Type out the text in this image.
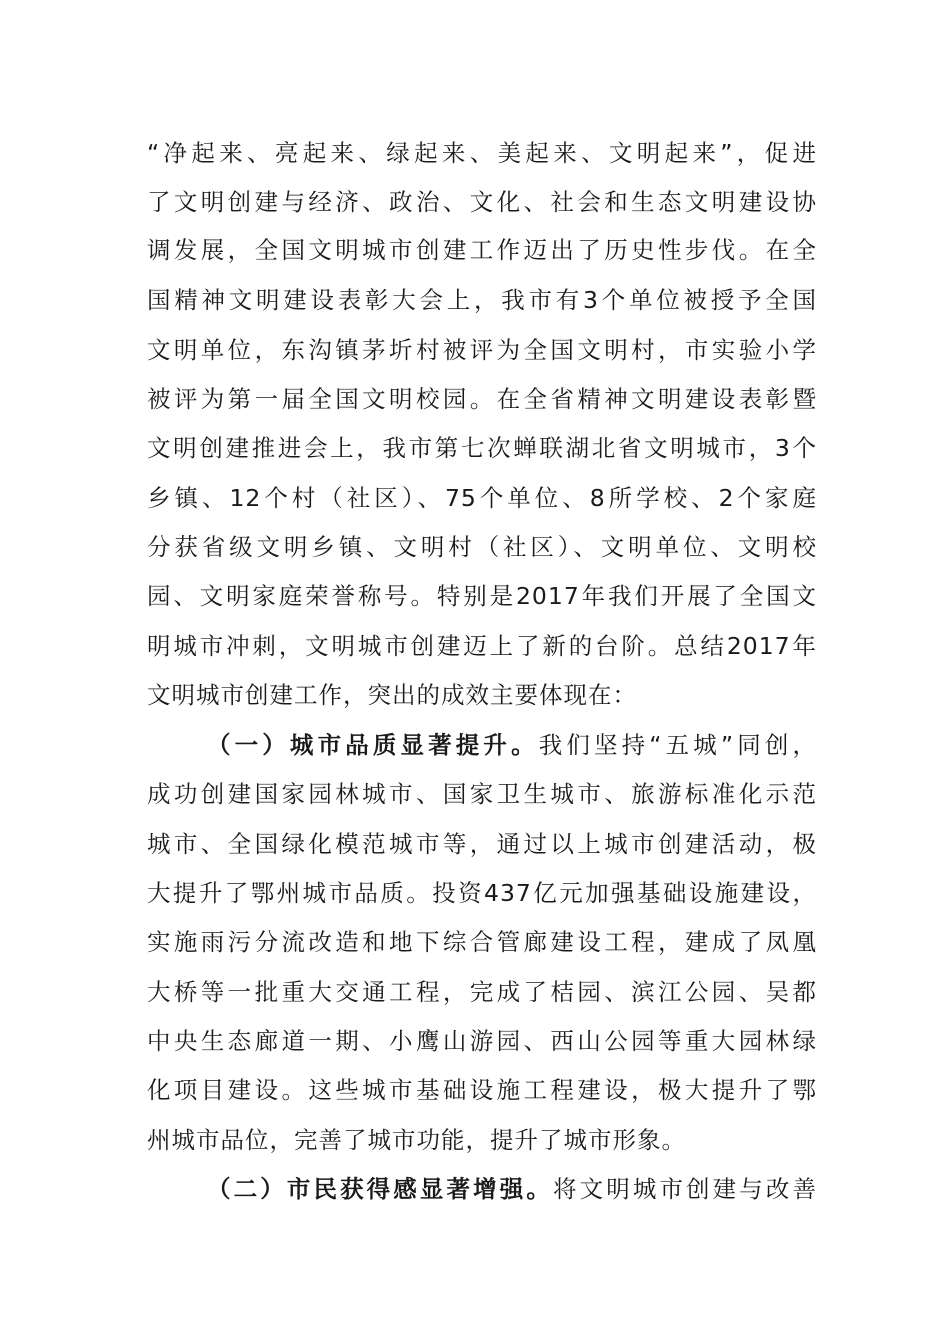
“净起来、亮起来、绿起来、美起来、文明起来”，促进
了文明创建与经济、政治、文化、社会和生态文明建设协
调发展，全国文明城市创建工作迈出了历史性步伐。在全
国精神文明建设表彰大会上，我市有3个单位被授予全国
文明单位，东沟镇茅圻村被评为全国文明村，市实验小学
被评为第一届全国文明校园。在全省精神文明建设表彰暨
文明创建推进会上，我市第七次蝉联湖北省文明城市，3个
乡镇、12个村（社区）、75个单位、8所学校、2个家庭
分获省级文明乡镇、文明村（社区）、文明单位、文明校
园、文明家庭荣誉称号。特别是2017年我们开展了全国文
明城市冲刺，文明城市创建迈上了新的台阶。总结2017年
文明城市创建工作，突出的成效主要体现在：
（一）城市品质显著提升。我们坚持“五城”同创，
成功创建国家园林城市、国家卫生城市、旅游标准化示范
城市、全国绿化模范城市等，通过以上城市创建活动，极
大提升了鄂州城市品质。投资437亿元加强基础设施建设，
实施雨污分流改造和地下综合管廊建设工程，建成了凤凰
大桥等一批重大交通工程，完成了桔园、滨江公园、吴都
中央生态廊道一期、小鹰山游园、西山公园等重大园林绿
化项目建设。这些城市基础设施工程建设，极大提升了鄂
州城市品位，完善了城市功能，提升了城市形象。
（二）市民获得感显著增强。将文明城市创建与改善
